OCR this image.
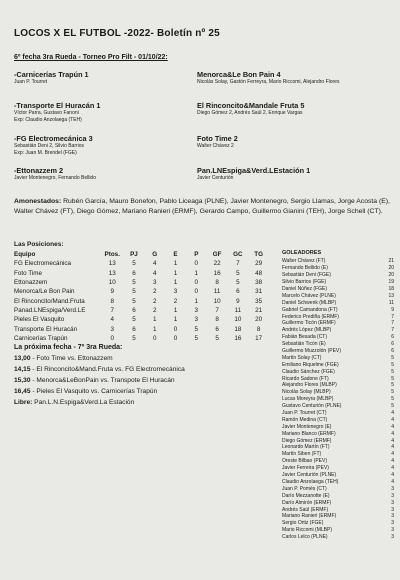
LOCOS X EL FUTBOL -2022- Boletín nº 25
6º fecha 3ra Rueda - Torneo Pro Filt - 01/10/22:
-Carnicerías Trapún 1
Juan P. Tourret
Menorca&Le Bon Pain 4
Nicolás Solay, Gastón Ferreyra, Mario Riccomi, Alejandro Flores
-Transporte El Huracán 1
Víctor Parra, Gustavo Fanoni
Exp: Claudio Anzolaega (TEH)
El Rinconcito&Mandale Fruta 5
Diego Gómez 2, Andrés Saúl 2, Enrique Vargas
-FG Electromecánica 3
Sebastián Deni 2, Silvio Barrios
Exp: Juan M. Brendel (FGE)
Foto Time 2
Walter Chávez 2
-Ettonazzem 2
Javier Montenegro, Fernando Bellido
Pan.LNEspiga&Verd.LEstación 1
Javier Centurión
Amonestados: Rubén García, Mauro Bonefon, Pablo Liceaga (PLNE), Javier Montenegro, Sergio Llamas, Jorge Acosta (E), Walter Chávez (FT), Diego Gómez, Mariano Ranieri (ERMF), Gerardo Campo, Guillermo Gianini (TEH), Jorge Schell (CT).
Las Posiciones:
Equipo	Ptos.	PJ	G	E	P	GF	GC	TG
FG Electromecánica	13	5	4	1	0	22	7	29
Foto Time	13	6	4	1	1	16	5	48
Ettonazzem	10	5	3	1	0	8	5	38
Menorca/Le Bon Pain	9	5	2	3	0	11	6	31
El Rinconcito/Mand.Fruta	8	5	2	2	1	10	9	35
Panad.LNEspiga/Verd.LE	7	6	2	1	3	7	11	21
Pieles El Vasquito	4	5	1	1	3	8	10	20
Transporte El Huracán	3	6	1	0	5	6	18	8
Carnicerías Trapún	0	5	0	0	5	5	16	17
GOLEADORES
Walter Chávez (FT)	21
Fernando Bellido (E)	20
Sebastián Deni (FGE)	20
Silvio Barrios (FGE)	19
Daniel Núñez (FGE)	18
Marcelo Chávez (PLNE)	13
Daniel Schwenk (MLBP)	11
Gabriel Camandona (FT)	9
Federico Prediña (ERMF)	7
Guillermo Ticón (ERMF)	7
Andrés López (MLBP)	7
Fabián Besada (CT)	6
Sebastián Ticón (E)	6
Guillermo Muzzolón (PEV)	6
Martín Solay (CT)	5
Emiliano Riquelme (FGE)	5
Claudio Sánchez (FGE)	5
Ricardo Sadone (FT)	5
Alejandro Flores (MLBP)	5
Nicolás Solay (MLBP)	5
Lucas Moreyra (MLBP)	5
Gustavo Centurión (PLNE)	5
Juan P. Tourret (CT)	4
Ramón Medina (CT)	4
Javier Montenegro (E)	4
Mariano Blanco (ERMF)	4
Diego Gómez (ERMF)	4
Leonardo Martín (FT)	4
Martín Siben (FT)	4
Oreste Bilbao (PEV)	4
Javier Ferreira (PEV)	4
Javier Centurión (PLNE)	4
Claudio Anzolaega (TEH)	4
Juan P. Pomés (CT)	3
Darío Mezzanotte (E)	3
Darío Almirón (ERMF)	3
Andrés Saúl (ERMF)	3
Mariano Ranieri (ERMF)	3
Sergio Ortiz (FGE)	3
Mario Riccomi (MLBP)	3
Carlos Lelco (PLNE)	3
La próxima fecha - 7º 3ra Rueda:
13,00 - Foto Time vs. Ettonazzem
14,15 - El Rinconcito&Mand.Fruta vs. FG Electromecánica
15,30 - Menorca&LeBonPain vs. Transpote El Huracán
16,45 - Pieles El Vasquito vs. Carnicerías Trapún
Libre: Pan.L.N.Espiga&Verd.La Estación
